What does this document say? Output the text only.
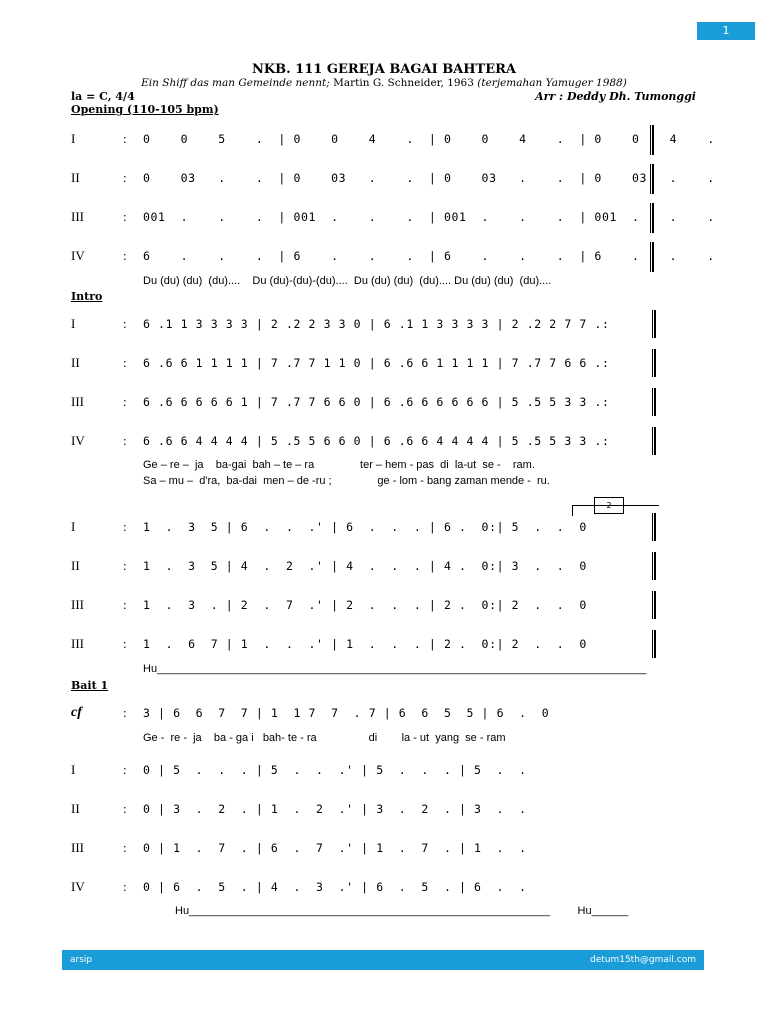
1
NKB. 111 GEREJA BAGAI BAHTERA
Ein Shiff das man Gemeinde nennt; Martin G. Schneider, 1963 (terjemahan Yamuger 1988)
la = C, 4/4	Arr : Deddy Dh. Tumonggi
Opening (110-105 bpm)
Intro
Bait 1
I	: 0    0    5    .  | 0    0    4    .  | 0    0    4    .  | 0    0    4    .
II	: 0    03   .    .  | 0    03   .    .  | 0    03   .    .  | 0    03   .    .
III	: 001  .    .    .  | 001  .    .    .  | 001  .    .    .  | 001  .    .    .
IV	: 6    .    .    .  | 6    .    .    .  | 6    .    .    .  | 6    .    .    .
Du (du) (du)  (du)....    Du (du)-(du)-(du)....  Du (du) (du)  (du).... Du (du) (du)  (du)....
I	: 6 .1 1 3 3 3 3 | 2 .2 2 3 3 0 | 6 .1 1 3 3 3 3 | 2 .2 2 7 7 .:
II	: 6 .6 6 1 1 1 1 | 7 .7 7 1 1 0 | 6 .6 6 1 1 1 1 | 7 .7 7 6 6 .:
III	: 6 .6 6 6 6 6 1 | 7 .7 7 6 6 0 | 6 .6 6 6 6 6 6 | 5 .5 5 3 3 .:
IV	: 6 .6 6 4 4 4 4 | 5 .5 5 6 6 0 | 6 .6 6 4 4 4 4 | 5 .5 5 3 3 .:
Ge – re –  ja    ba-gai  bah – te – ra               ter – hem - pas  di  la-ut  se -    ram.
Sa – mu –  d'ra,  ba-dai  men – de -ru ;               ge - lom - bang zaman mende -  ru.
2
I	: 1  .  3  5 | 6  .  .  .' | 6  .  .  . | 6 .  0:| 5  .  .  0
II	: 1  .  3  5 | 4  .  2  .' | 4  .  .  . | 4 .  0:| 3  .  .  0
III	: 1  .  3  . | 2  .  7  .' | 2  .  .  . | 2 .  0:| 2  .  .  0
III	: 1  .  6  7 | 1  .  .  .' | 1  .  .  . | 2 .  0:| 2  .  .  0
Hu________________________________________________________________________________
cf	: 3 | 6  6  7  7 | 1  1 7  7  . 7 | 6  6  5  5 | 6  .  0
Ge -  re -  ja    ba - ga i   bah- te - ra                 di        la - ut  yang  se - ram
I	: 0 | 5  .  .  . | 5  .  .  .' | 5  .  .  . | 5  .  .
II	: 0 | 3  .  2  . | 1  .  2  .' | 3  .  2  . | 3  .  .
III	: 0 | 1  .  7  . | 6  .  7  .' | 1  .  7  . | 1  .  .
IV	: 0 | 6  .  5  . | 4  .  3  .' | 6  .  5  . | 6  .  .
Hu___________________________________________________________         Hu______
arsip	detum15th@gmail.com
